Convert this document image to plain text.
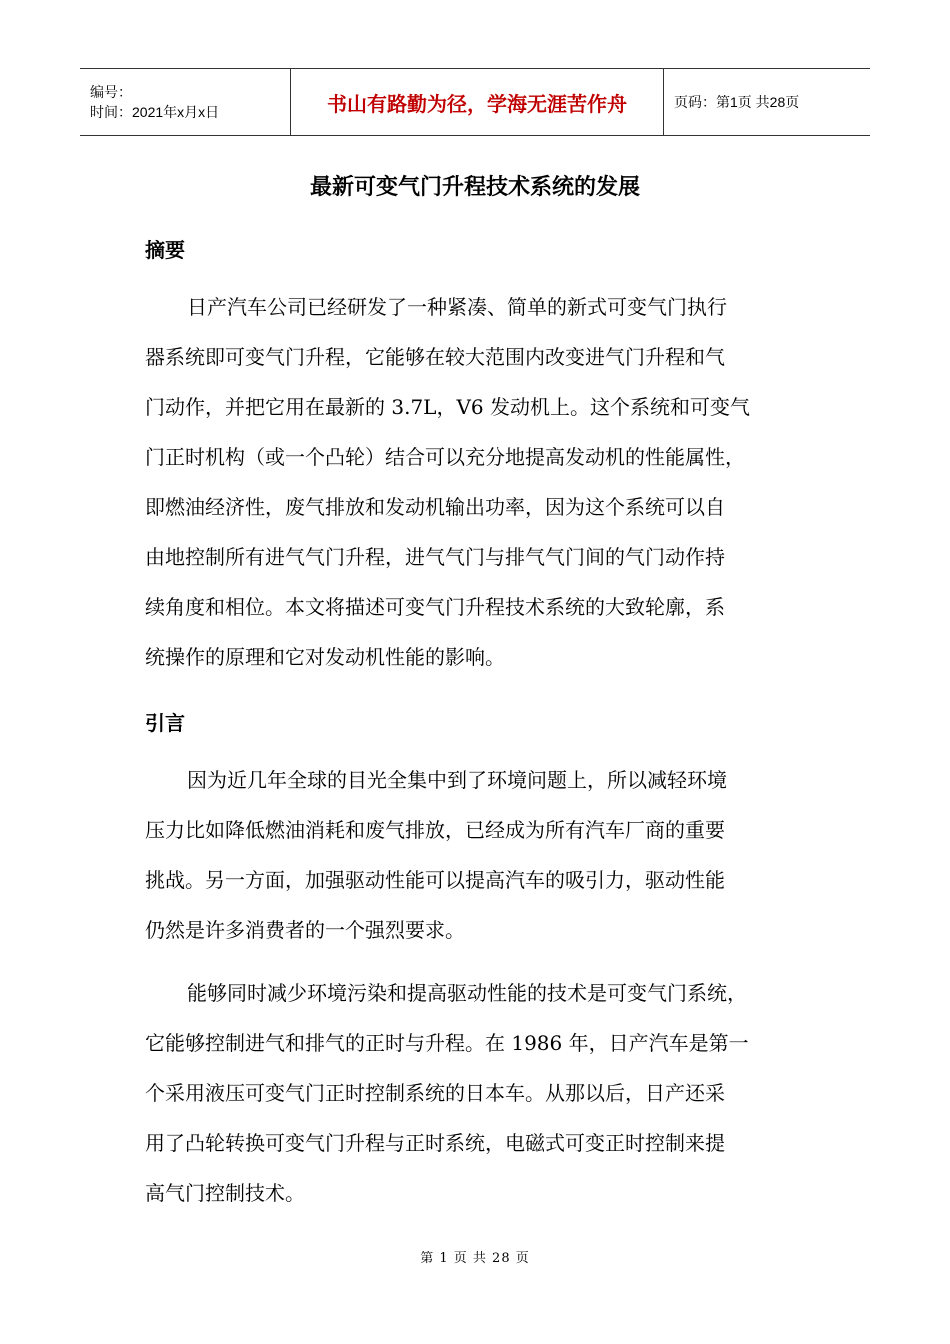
编号：
时间：2021年x月x日	书山有路勤为径，学海无涯苦作舟	页码：第1页 共28页
最新可变气门升程技术系统的发展
摘要
日产汽车公司已经研发了一种紧凑、简单的新式可变气门执行
器系统即可变气门升程，它能够在较大范围内改变进气门升程和气
门动作，并把它用在最新的 3.7L，V6 发动机上。这个系统和可变气
门正时机构（或一个凸轮）结合可以充分地提高发动机的性能属性，
即燃油经济性，废气排放和发动机输出功率，因为这个系统可以自
由地控制所有进气气门升程，进气气门与排气气门间的气门动作持
续角度和相位。本文将描述可变气门升程技术系统的大致轮廓，系
统操作的原理和它对发动机性能的影响。
引言
因为近几年全球的目光全集中到了环境问题上，所以减轻环境
压力比如降低燃油消耗和废气排放，已经成为所有汽车厂商的重要
挑战。另一方面，加强驱动性能可以提高汽车的吸引力，驱动性能
仍然是许多消费者的一个强烈要求。
能够同时减少环境污染和提高驱动性能的技术是可变气门系统，
它能够控制进气和排气的正时与升程。在 1986 年，日产汽车是第一
个采用液压可变气门正时控制系统的日本车。从那以后，日产还采
用了凸轮转换可变气门升程与正时系统，电磁式可变正时控制来提
高气门控制技术。
第 1 页 共 28 页
